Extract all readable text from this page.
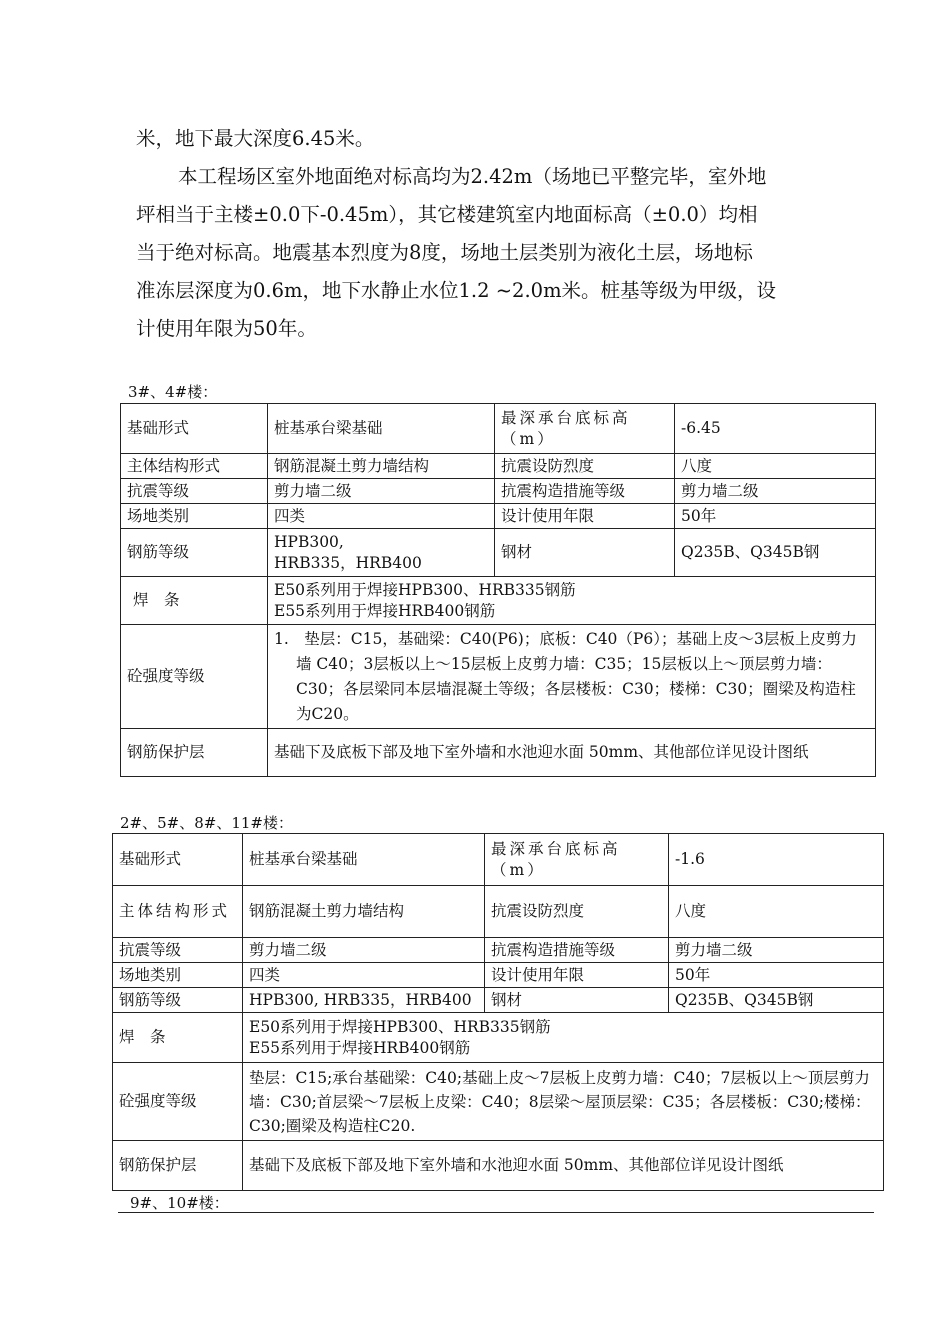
米，地下最大深度6.45米。
本工程场区室外地面绝对标高均为2.42m（场地已平整完毕，室外地
坪相当于主楼±0.0下-0.45m），其它楼建筑室内地面标高（±0.0）均相
当于绝对标高。地震基本烈度为8度，场地土层类别为液化土层，场地标
准冻层深度为0.6m，地下水静止水位1.2 ~2.0m米。桩基等级为甲级，设
计使用年限为50年。
3#、4#楼：
基础形式	桩基承台梁基础	最深承台底标高（m）	-6.45
主体结构形式	钢筋混凝土剪力墙结构	抗震设防烈度	八度
抗震等级	剪力墙二级	抗震构造措施等级	剪力墙二级
场地类别	四类	设计使用年限	50年
钢筋等级	HPB300,
HRB335，HRB400	钢材	Q235B、Q345B钢
焊　条	E50系列用于焊接HPB300、HRB335钢筋
E55系列用于焊接HRB400钢筋		

砼强度等级	1.　垫层：C15，基础梁：C40(P6)；底板：C40（P6）；基础上皮～3层板上皮剪力墙 C40；3层板以上～15层板上皮剪力墙：C35；15层板以上～顶层剪力墙：C30；各层梁同本层墙混凝土等级；各层楼板：C30；楼梯：C30；圈梁及构造柱为C20。		
钢筋保护层	基础下及底板下部及地下室外墙和水池迎水面 50mm、其他部位详见设计图纸		
2#、5#、8#、11#楼：
基础形式	桩基承台梁基础	最深承台底标高（m）	-1.6
主体结构形式	钢筋混凝土剪力墙结构	抗震设防烈度	八度
抗震等级	剪力墙二级	抗震构造措施等级	剪力墙二级
场地类别	四类	设计使用年限	50年
钢筋等级	HPB300, HRB335，HRB400	钢材	Q235B、Q345B钢
焊　条	E50系列用于焊接HPB300、HRB335钢筋
E55系列用于焊接HRB400钢筋		

砼强度等级	垫层：C15;承台基础梁：C40;基础上皮～7层板上皮剪力墙：C40；7层板以上～顶层剪力墙：C30;首层梁～7层板上皮梁：C40；8层梁～屋顶层梁：C35；各层楼板：C30;楼梯：C30;圈梁及构造柱C20.		
钢筋保护层	基础下及底板下部及地下室外墙和水池迎水面 50mm、其他部位详见设计图纸		
9#、10#楼：
